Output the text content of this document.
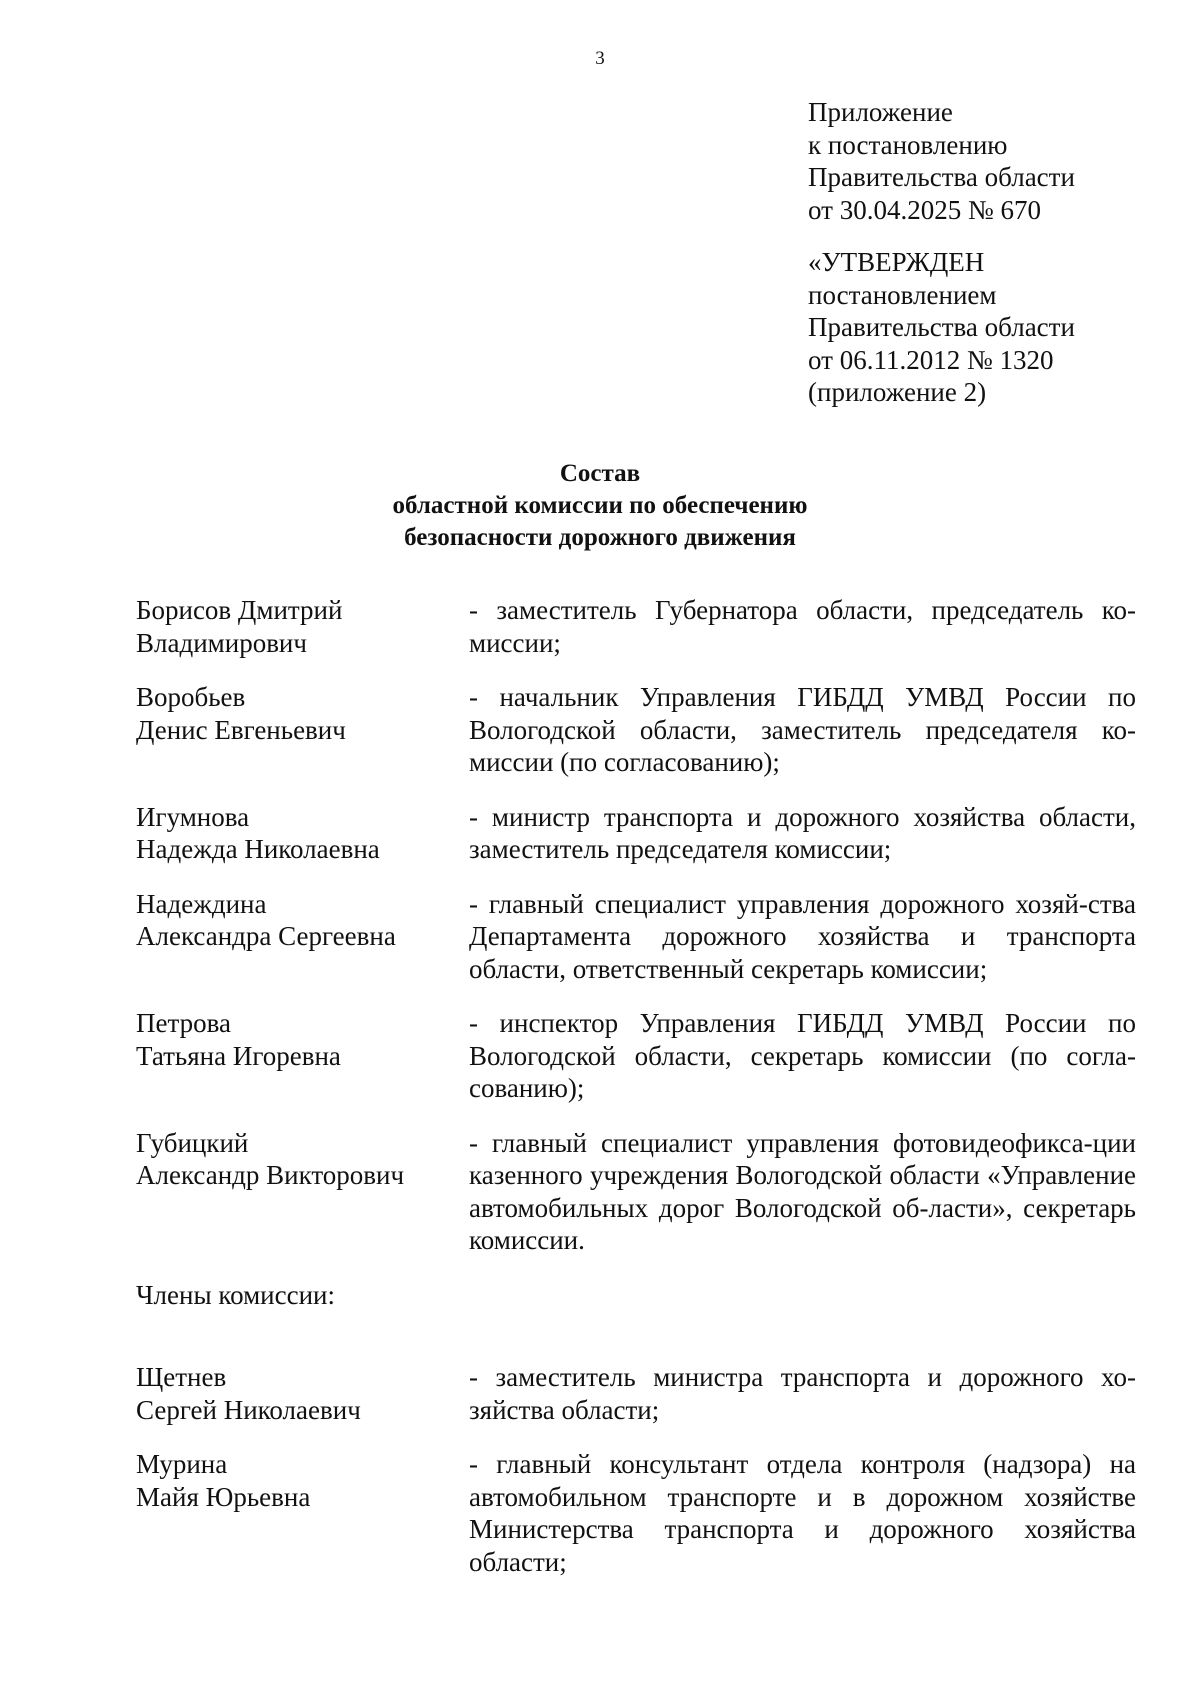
3
Приложение
к постановлению
Правительства области
от 30.04.2025 № 670
«УТВЕРЖДЕН
постановлением
Правительства области
от 06.11.2012 № 1320
(приложение 2)
Состав
областной комиссии по обеспечению
безопасности дорожного движения
Борисов Дмитрий
Владимирович
- заместитель Губернатора области, председатель ко-миссии;
Воробьев
Денис Евгеньевич
- начальник Управления ГИБДД УМВД России по Вологодской области, заместитель председателя ко-миссии (по согласованию);
Игумнова
Надежда Николаевна
- министр транспорта и дорожного хозяйства области, заместитель председателя комиссии;
Надеждина
Александра Сергеевна
- главный специалист управления дорожного хозяй-ства Департамента дорожного хозяйства и транспорта области, ответственный секретарь комиссии;
Петрова
Татьяна Игоревна
- инспектор Управления ГИБДД УМВД России по Вологодской области, секретарь комиссии (по согла-сованию);
Губицкий
Александр Викторович
- главный специалист управления фотовидеофикса-ции казенного учреждения Вологодской области «Управление автомобильных дорог Вологодской об-ласти», секретарь комиссии.
Члены комиссии:
Щетнев
Сергей Николаевич
- заместитель министра транспорта и дорожного хо-зяйства области;
Мурина
Майя Юрьевна
- главный консультант отдела контроля (надзора) на автомобильном транспорте и в дорожном хозяйстве Министерства транспорта и дорожного хозяйства области;
